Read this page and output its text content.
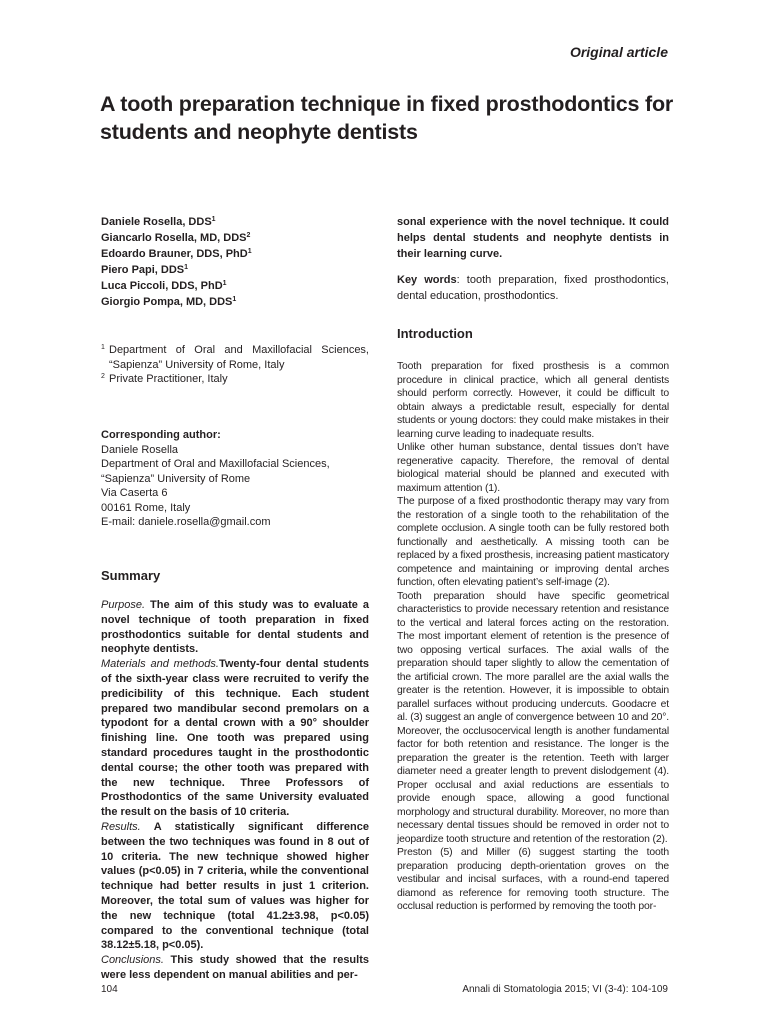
Original article
A tooth preparation technique in fixed prosthodontics for students and neophyte dentists
Daniele Rosella, DDS$^1$
Giancarlo Rosella, MD, DDS$^2$
Edoardo Brauner, DDS, PhD$^1$
Piero Papi, DDS$^1$
Luca Piccoli, DDS, PhD$^1$
Giorgio Pompa, MD, DDS$^1$
1 Department of Oral and Maxillofacial Sciences, “Sapienza” University of Rome, Italy
2 Private Practitioner, Italy
Corresponding author:
Daniele Rosella
Department of Oral and Maxillofacial Sciences, “Sapienza” University of Rome
Via Caserta 6
00161 Rome, Italy
E-mail: daniele.rosella@gmail.com
Summary

Purpose. The aim of this study was to evaluate a novel technique of tooth preparation in fixed prosthodontics suitable for dental students and neophyte dentists.
Materials and methods.Twenty-four dental students of the sixth-year class were recruited to verify the predicibility of this technique. Each student prepared two mandibular second premolars on a typodont for a dental crown with a 90° shoulder finishing line. One tooth was prepared using standard procedures taught in the prosthodontic dental course; the other tooth was prepared with the new technique. Three Professors of Prosthodontics of the same University evaluated the result on the basis of 10 criteria.
Results. A statistically significant difference between the two techniques was found in 8 out of 10 criteria. The new technique showed higher values (p<0.05) in 7 criteria, while the conventional technique had better results in just 1 criterion. Moreover, the total sum of values was higher for the new technique (total 41.2±3.98, p<0.05) compared to the conventional technique (total 38.12±5.18, p<0.05).
Conclusions. This study showed that the results were less dependent on manual abilities and per-

sonal experience with the novel technique. It could helps dental students and neophyte dentists in their learning curve.

Key words: tooth preparation, fixed prosthodontics, dental education, prosthodontics.

Introduction

Tooth preparation for fixed prosthesis is a common procedure in clinical practice, which all general dentists should perform correctly. However, it could be difficult to obtain always a predictable result, especially for dental students or young doctors: they could make mistakes in their learning curve leading to inadequate results.

Unlike other human substance, dental tissues don’t have regenerative capacity. Therefore, the removal of dental biological material should be planned and executed with maximum attention (1).

The purpose of a fixed prosthodontic therapy may vary from the restoration of a single tooth to the rehabilitation of the complete occlusion. A single tooth can be fully restored both functionally and aesthetically. A missing tooth can be replaced by a fixed prosthesis, increasing patient masticatory competence and maintaining or improving dental arches function, often elevating patient’s self-image (2).

Tooth preparation should have specific geometrical characteristics to provide necessary retention and resistance to the vertical and lateral forces acting on the restoration. The most important element of retention is the presence of two opposing vertical surfaces. The axial walls of the preparation should taper slightly to allow the cementation of the artificial crown. The more parallel are the axial walls the greater is the retention. However, it is impossible to obtain parallel surfaces without producing undercuts. Goodacre et al. (3) suggest an angle of convergence between 10 and 20°. Moreover, the occlusocervical length is another fundamental factor for both retention and resistance. The longer is the preparation the greater is the retention. Teeth with larger diameter need a greater length to prevent dislodgement (4). Proper occlusal and axial reductions are essentials to provide enough space, allowing a good functional morphology and structural durability. Moreover, no more than necessary dental tissues should be removed in order not to jeopardize tooth structure and retention of the restoration (2).

Preston (5) and Miller (6) suggest starting the tooth preparation producing depth-orientation groves on the vestibular and incisal surfaces, with a round-end tapered diamond as reference for removing tooth structure. The occlusal reduction is performed by removing the tooth por-

104	Annali di Stomatologia 2015; VI (3-4): 104-109
